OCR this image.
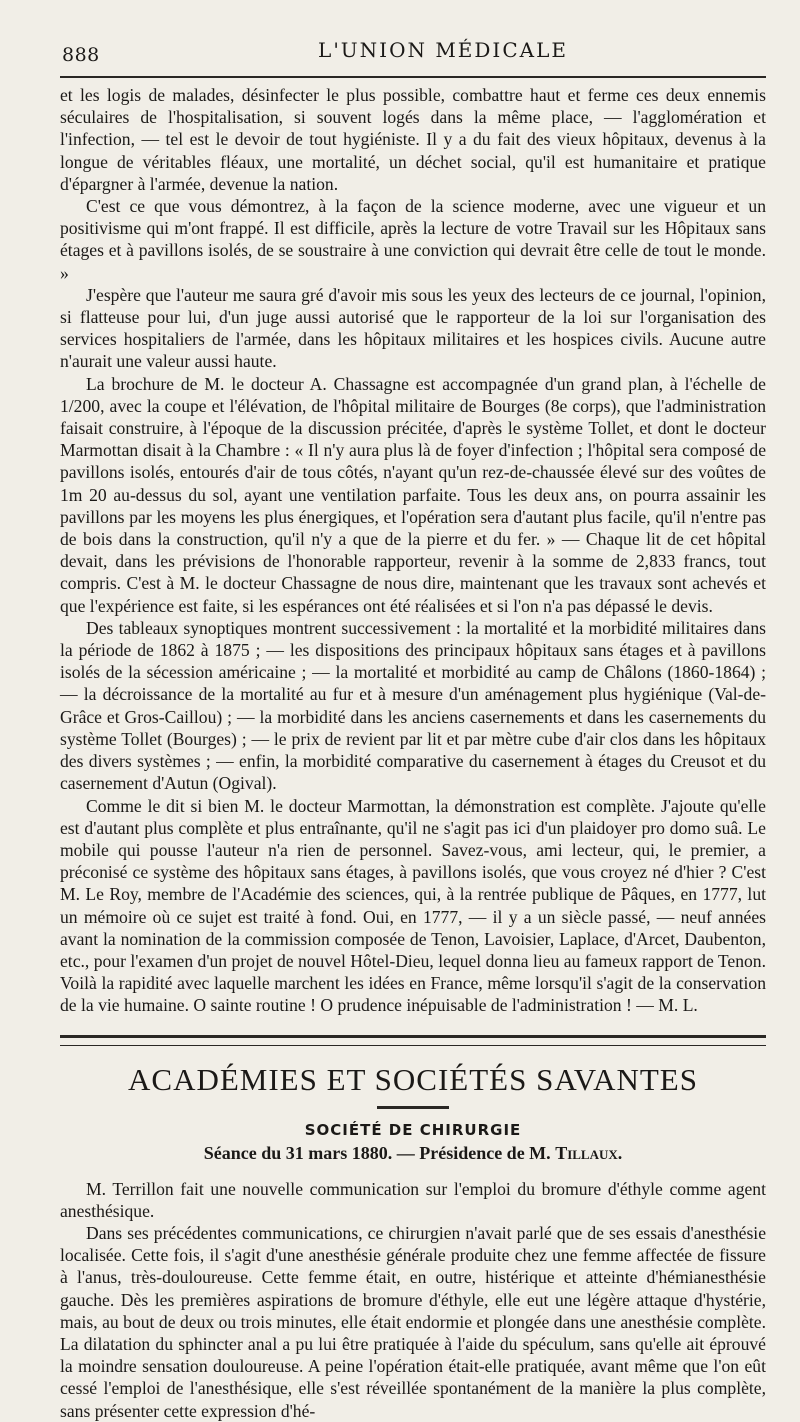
888	L'UNION MÉDICALE

et les logis de malades, désinfecter le plus possible, combattre haut et ferme ces deux ennemis séculaires de l'hospitalisation, si souvent logés dans la même place, — l'agglomération et l'infection, — tel est le devoir de tout hygiéniste. Il y a du fait des vieux hôpitaux, devenus à la longue de véritables fléaux, une mortalité, un déchet social, qu'il est humanitaire et pratique d'épargner à l'armée, devenue la nation.

C'est ce que vous démontrez, à la façon de la science moderne, avec une vigueur et un positivisme qui m'ont frappé. Il est difficile, après la lecture de votre Travail sur les Hôpitaux sans étages et à pavillons isolés, de se soustraire à une conviction qui devrait être celle de tout le monde. »

J'espère que l'auteur me saura gré d'avoir mis sous les yeux des lecteurs de ce journal, l'opinion, si flatteuse pour lui, d'un juge aussi autorisé que le rapporteur de la loi sur l'organisation des services hospitaliers de l'armée, dans les hôpitaux militaires et les hospices civils. Aucune autre n'aurait une valeur aussi haute.

La brochure de M. le docteur A. Chassagne est accompagnée d'un grand plan, à l'échelle de 1/200, avec la coupe et l'élévation, de l'hôpital militaire de Bourges (8e corps), que l'administration faisait construire, à l'époque de la discussion précitée, d'après le système Tollet, et dont le docteur Marmottan disait à la Chambre : « Il n'y aura plus là de foyer d'infection ; l'hôpital sera composé de pavillons isolés, entourés d'air de tous côtés, n'ayant qu'un rez-de-chaussée élevé sur des voûtes de 1m 20 au-dessus du sol, ayant une ventilation parfaite. Tous les deux ans, on pourra assainir les pavillons par les moyens les plus énergiques, et l'opération sera d'autant plus facile, qu'il n'entre pas de bois dans la construction, qu'il n'y a que de la pierre et du fer. » — Chaque lit de cet hôpital devait, dans les prévisions de l'honorable rapporteur, revenir à la somme de 2,833 francs, tout compris. C'est à M. le docteur Chassagne de nous dire, maintenant que les travaux sont achevés et que l'expérience est faite, si les espérances ont été réalisées et si l'on n'a pas dépassé le devis.

Des tableaux synoptiques montrent successivement : la mortalité et la morbidité militaires dans la période de 1862 à 1875 ; — les dispositions des principaux hôpitaux sans étages et à pavillons isolés de la sécession américaine ; — la mortalité et morbidité au camp de Châlons (1860-1864) ; — la décroissance de la mortalité au fur et à mesure d'un aménagement plus hygiénique (Val-de-Grâce et Gros-Caillou) ; — la morbidité dans les anciens casernements et dans les casernements du système Tollet (Bourges) ; — le prix de revient par lit et par mètre cube d'air clos dans les hôpitaux des divers systèmes ; — enfin, la morbidité comparative du casernement à étages du Creusot et du casernement d'Autun (Ogival).

Comme le dit si bien M. le docteur Marmottan, la démonstration est complète. J'ajoute qu'elle est d'autant plus complète et plus entraînante, qu'il ne s'agit pas ici d'un plaidoyer pro domo suâ. Le mobile qui pousse l'auteur n'a rien de personnel. Savez-vous, ami lecteur, qui, le premier, a préconisé ce système des hôpitaux sans étages, à pavillons isolés, que vous croyez né d'hier ? C'est M. Le Roy, membre de l'Académie des sciences, qui, à la rentrée publique de Pâques, en 1777, lut un mémoire où ce sujet est traité à fond. Oui, en 1777, — il y a un siècle passé, — neuf années avant la nomination de la commission composée de Tenon, Lavoisier, Laplace, d'Arcet, Daubenton, etc., pour l'examen d'un projet de nouvel Hôtel-Dieu, lequel donna lieu au fameux rapport de Tenon. Voilà la rapidité avec laquelle marchent les idées en France, même lorsqu'il s'agit de la conservation de la vie humaine. O sainte routine ! O prudence inépuisable de l'administration ! — M. L.

ACADÉMIES ET SOCIÉTÉS SAVANTES
SOCIÉTÉ DE CHIRURGIE
Séance du 31 mars 1880. — Présidence de M. Tillaux.

M. Terrillon fait une nouvelle communication sur l'emploi du bromure d'éthyle comme agent anesthésique.

Dans ses précédentes communications, ce chirurgien n'avait parlé que de ses essais d'anesthésie localisée. Cette fois, il s'agit d'une anesthésie générale produite chez une femme affectée de fissure à l'anus, très-douloureuse. Cette femme était, en outre, histérique et atteinte d'hémianesthésie gauche. Dès les premières aspirations de bromure d'éthyle, elle eut une légère attaque d'hystérie, mais, au bout de deux ou trois minutes, elle était endormie et plongée dans une anesthésie complète. La dilatation du sphincter anal a pu lui être pratiquée à l'aide du spéculum, sans qu'elle ait éprouvé la moindre sensation douloureuse. A peine l'opération était-elle pratiquée, avant même que l'on eût cessé l'emploi de l'anesthésique, elle s'est réveillée spontanément de la manière la plus complète, sans présenter cette expression d'hé-
